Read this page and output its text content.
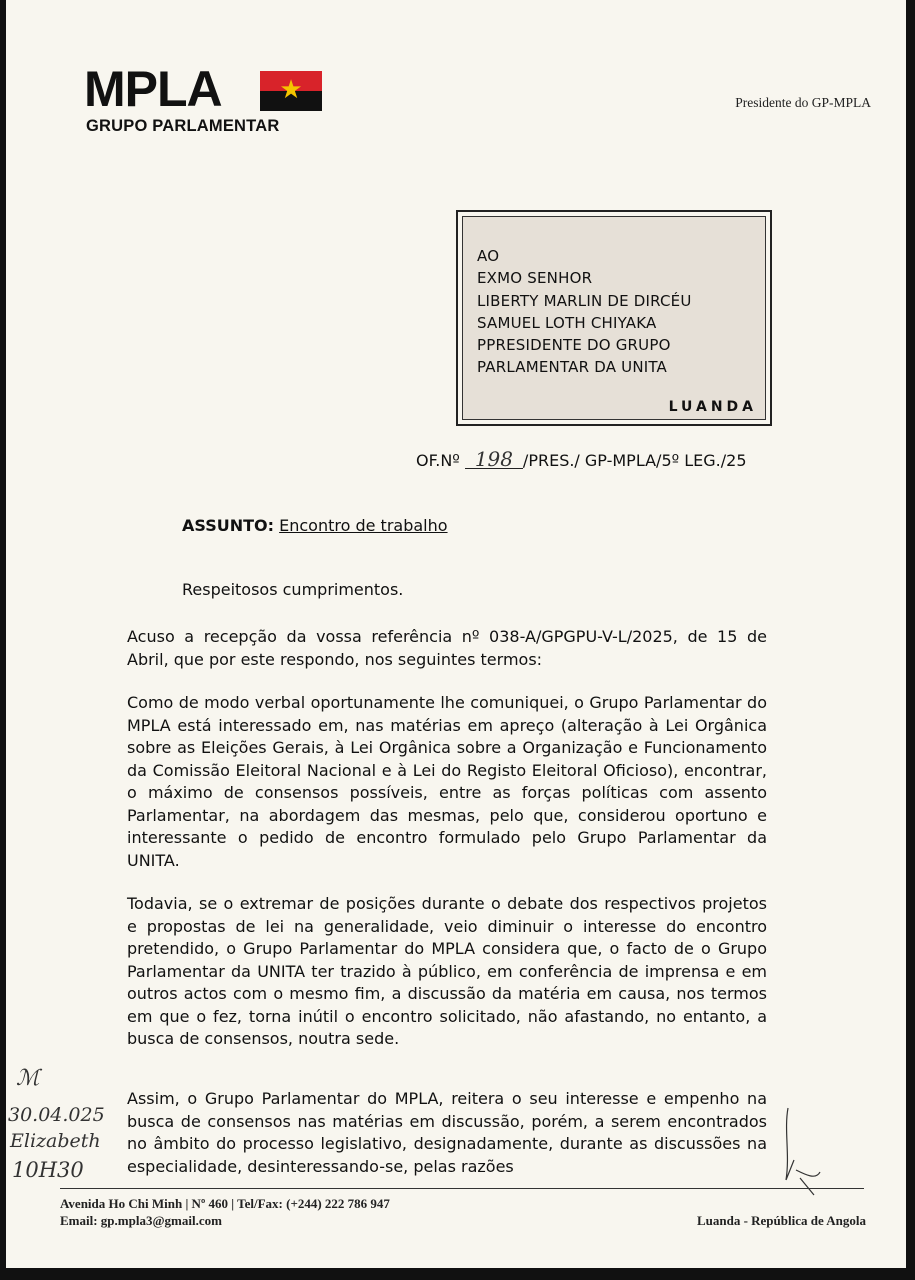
MPLA	★
GRUPO PARLAMENTAR
Presidente do GP-MPLA
AO
EXMO SENHOR
LIBERTY MARLIN DE DIRCÉU
SAMUEL LOTH CHIYAKA
PPRESIDENTE DO GRUPO
PARLAMENTAR DA UNITA
LUANDA
OF.Nº 198 /PRES./ GP-MPLA/5º LEG./25
ASSUNTO: Encontro de trabalho
Respeitosos cumprimentos.
Acuso a recepção da vossa referência nº 038-A/GPGPU-V-L/2025, de 15 de Abril, que por este respondo, nos seguintes termos:
Como de modo verbal oportunamente lhe comuniquei, o Grupo Parlamentar do MPLA está interessado em, nas matérias em apreço (alteração à Lei Orgânica sobre as Eleições Gerais, à Lei Orgânica sobre a Organização e Funcionamento da Comissão Eleitoral Nacional e à Lei do Registo Eleitoral Oficioso), encontrar, o máximo de consensos possíveis, entre as forças políticas com assento Parlamentar, na abordagem das mesmas, pelo que, considerou oportuno e interessante o pedido de encontro formulado pelo Grupo Parlamentar da UNITA.
Todavia, se o extremar de posições durante o debate dos respectivos projetos e propostas de lei na generalidade, veio diminuir o interesse do encontro pretendido, o Grupo Parlamentar do MPLA considera que, o facto de o Grupo Parlamentar da UNITA ter trazido à público, em conferência de imprensa e em outros actos com o mesmo fim, a discussão da matéria em causa, nos termos em que o fez, torna inútil o encontro solicitado, não afastando, no entanto, a busca de consensos, noutra sede.
Assim, o Grupo Parlamentar do MPLA, reitera o seu interesse e empenho na busca de consensos nas matérias em discussão, porém, a serem encontrados no âmbito do processo legislativo, designadamente, durante as discussões na especialidade, desinteressando-se, pelas razões
ℳ
30.04.025
Elizabeth
10H30
Avenida Ho Chi Minh | Nº 460 | Tel/Fax: (+244) 222 786 947
Email: gp.mpla3@gmail.com	Luanda - República de Angola
